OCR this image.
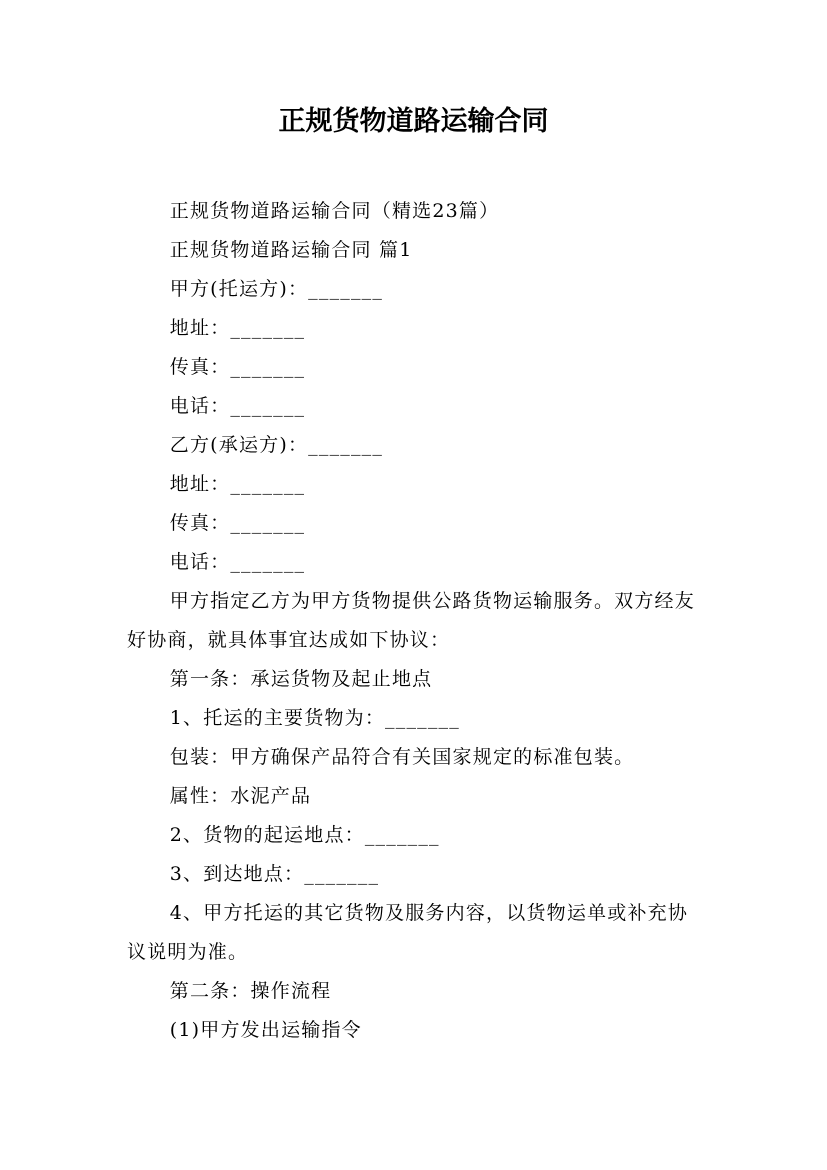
正规货物道路运输合同

正规货物道路运输合同（精选23篇）

正规货物道路运输合同 篇1

甲方(托运方)：_______

地址：_______

传真：_______

电话：_______

乙方(承运方)：_______

地址：_______

传真：_______

电话：_______

甲方指定乙方为甲方货物提供公路货物运输服务。双方经友好协商，就具体事宜达成如下协议：

第一条：承运货物及起止地点

1、托运的主要货物为：_______

包装：甲方确保产品符合有关国家规定的标准包装。

属性：水泥产品

2、货物的起运地点：_______

3、到达地点：_______

4、甲方托运的其它货物及服务内容，以货物运单或补充协议说明为准。

第二条：操作流程

(1)甲方发出运输指令
